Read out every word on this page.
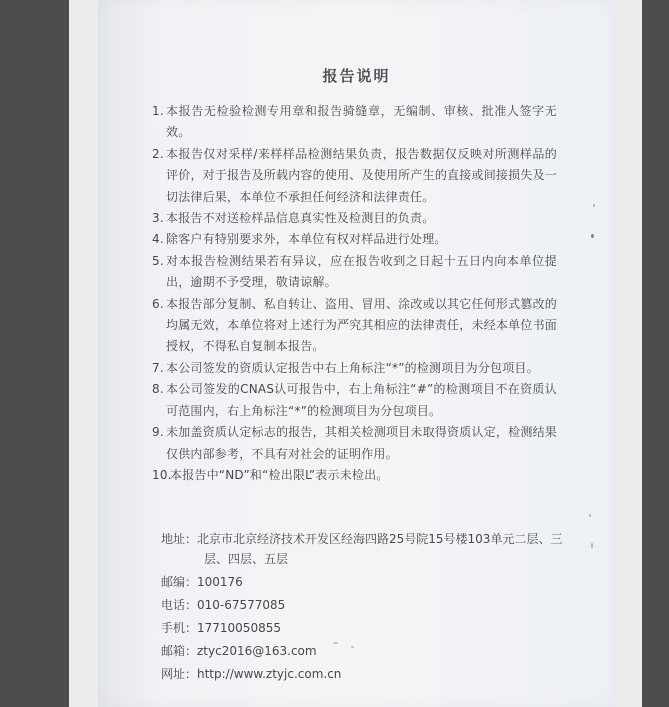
报告说明
1. 本报告无检验检测专用章和报告骑缝章，无编制、审核、批准人签字无效。
2. 本报告仅对采样/来样样品检测结果负责，报告数据仅反映对所测样品的评价，对于报告及所载内容的使用、及使用所产生的直接或间接损失及一切法律后果，本单位不承担任何经济和法律责任。
3. 本报告不对送检样品信息真实性及检测目的负责。
4. 除客户有特别要求外，本单位有权对样品进行处理。
5. 对本报告检测结果若有异议，应在报告收到之日起十五日内向本单位提出，逾期不予受理，敬请谅解。
6. 本报告部分复制、私自转让、盗用、冒用、涂改或以其它任何形式篡改的均属无效，本单位将对上述行为严究其相应的法律责任，未经本单位书面授权，不得私自复制本报告。
7. 本公司签发的资质认定报告中右上角标注“*”的检测项目为分包项目。
8. 本公司签发的CNAS认可报告中，右上角标注“#”的检测项目不在资质认可范围内，右上角标注“*”的检测项目为分包项目。
9. 未加盖资质认定标志的报告，其相关检测项目未取得资质认定，检测结果仅供内部参考，不具有对社会的证明作用。
10.
本报告中“ND”和“检出限L”表示未检出。
地址：北京市北京经济技术开发区经海四路25号院15号楼103单元二层、三层、四层、五层
邮编：100176
电话：010-67577085
手机：17710050855
邮箱：ztyc2016@163.com
网址：http://www.ztyjc.com.cn
